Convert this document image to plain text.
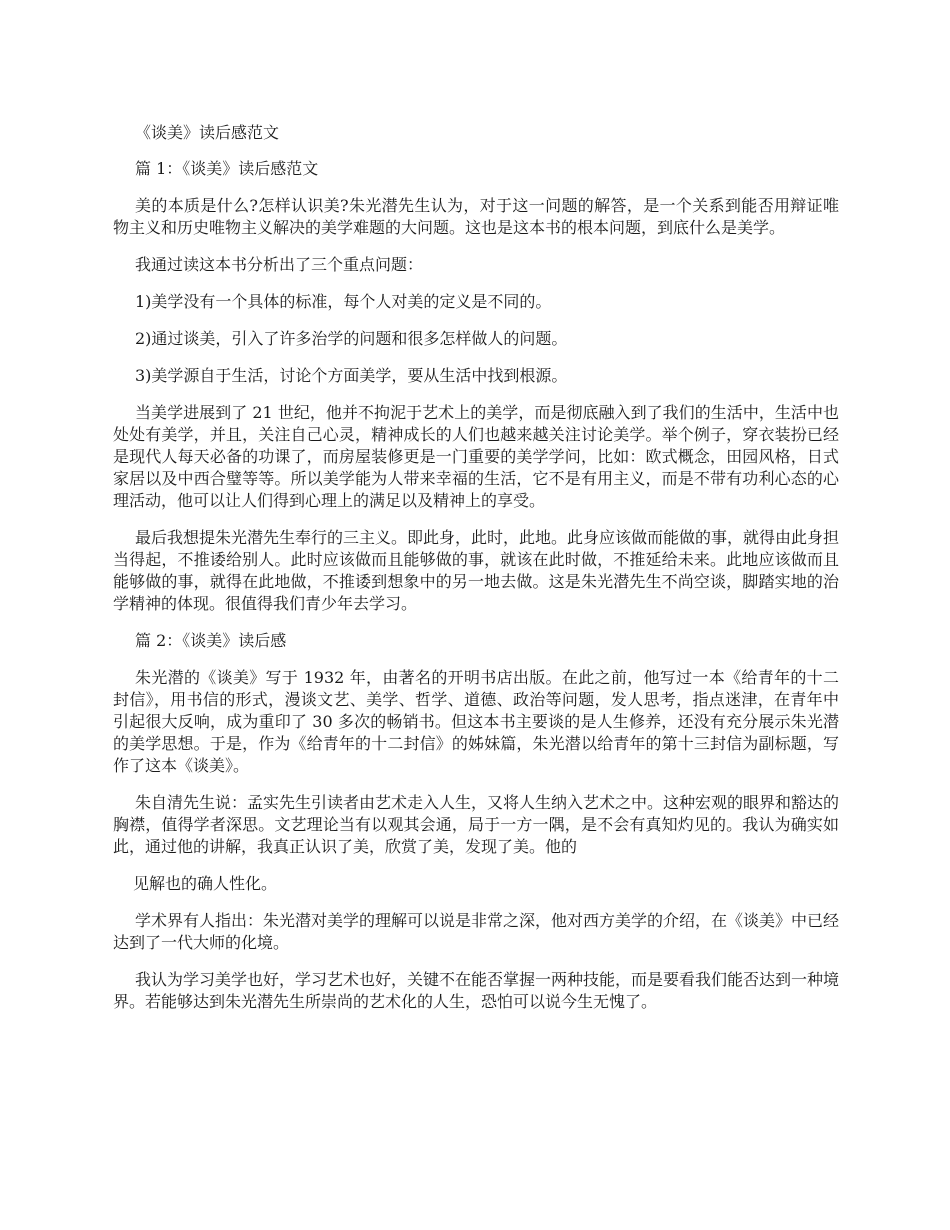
《谈美》读后感范文

篇 1：《谈美》读后感范文

美的本质是什么?怎样认识美?朱光潜先生认为，对于这一问题的解答，是一个关系到能否用辩证唯物主义和历史唯物主义解决的美学难题的大问题。这也是这本书的根本问题，到底什么是美学。

我通过读这本书分析出了三个重点问题：

1)美学没有一个具体的标准，每个人对美的定义是不同的。

2)通过谈美，引入了许多治学的问题和很多怎样做人的问题。

3)美学源自于生活，讨论个方面美学，要从生活中找到根源。

当美学进展到了 21 世纪，他并不拘泥于艺术上的美学，而是彻底融入到了我们的生活中，生活中也处处有美学，并且，关注自己心灵，精神成长的人们也越来越关注讨论美学。举个例子，穿衣装扮已经是现代人每天必备的功课了，而房屋装修更是一门重要的美学学问，比如：欧式概念，田园风格，日式家居以及中西合璧等等。所以美学能为人带来幸福的生活，它不是有用主义，而是不带有功利心态的心理活动，他可以让人们得到心理上的满足以及精神上的享受。

最后我想提朱光潜先生奉行的三主义。即此身，此时，此地。此身应该做而能做的事，就得由此身担当得起，不推诿给别人。此时应该做而且能够做的事，就该在此时做，不推延给未来。此地应该做而且能够做的事，就得在此地做，不推诿到想象中的另一地去做。这是朱光潜先生不尚空谈，脚踏实地的治学精神的体现。很值得我们青少年去学习。

篇 2：《谈美》读后感

朱光潜的《谈美》写于 1932 年，由著名的开明书店出版。在此之前，他写过一本《给青年的十二封信》，用书信的形式，漫谈文艺、美学、哲学、道德、政治等问题，发人思考，指点迷津，在青年中引起很大反响，成为重印了 30 多次的畅销书。但这本书主要谈的是人生修养，还没有充分展示朱光潜的美学思想。于是，作为《给青年的十二封信》的姊妹篇，朱光潜以给青年的第十三封信为副标题，写作了这本《谈美》。

朱自清先生说：孟实先生引读者由艺术走入人生，又将人生纳入艺术之中。这种宏观的眼界和豁达的胸襟，值得学者深思。文艺理论当有以观其会通，局于一方一隅，是不会有真知灼见的。我认为确实如此，通过他的讲解，我真正认识了美，欣赏了美，发现了美。他的

见解也的确人性化。

学术界有人指出：朱光潜对美学的理解可以说是非常之深，他对西方美学的介绍，在《谈美》中已经达到了一代大师的化境。

我认为学习美学也好，学习艺术也好，关键不在能否掌握一两种技能，而是要看我们能否达到一种境界。若能够达到朱光潜先生所崇尚的艺术化的人生，恐怕可以说今生无愧了。
